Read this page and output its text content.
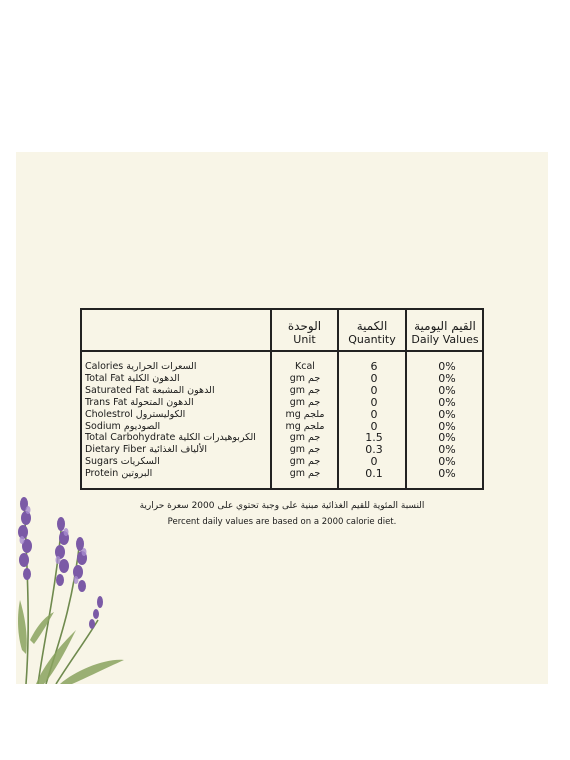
الوحدة
Unit
الكمية
Quantity
القيم اليومية
Daily Values
Calories السعرات الحرارية
Total Fat الدهون الكلية
Saturated Fat الدهون المشبعة
Trans Fat الدهون المتحولة
Cholestrol الكوليسترول
Sodium الصوديوم
Total Carbohydrate الكربوهيدرات الكلية
Dietary Fiber الألياف الغذائية
Sugars السكريات
Protein البروتين
Kcal
gm جم
gm جم
gm جم
mg ملجم
mg ملجم
gm جم
gm جم
gm جم
gm جم
6
0
0
0
0
0
1.5
0.3
0
0.1
0%
0%
0%
0%
0%
0%
0%
0%
0%
0%
النسبة المئوية للقيم الغذائية مبنية على وجبة تحتوي على 2000 سعرة حرارية
Percent daily values are based on a 2000 calorie diet.
